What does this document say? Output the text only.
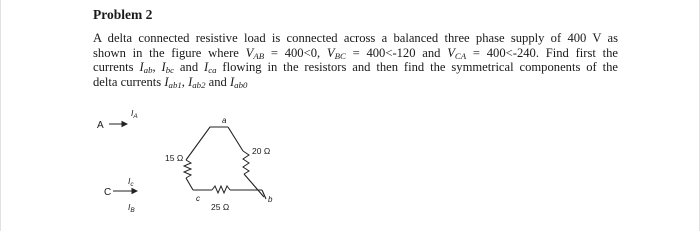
Problem 2
A delta connected resistive load is connected across a balanced three phase supply of 400 V as
shown in the figure where $V_{AB} = 400<0$, $V_{BC} = 400<-120$ and $V_{CA} = 400<-240$. Find first the
currents $I_{ab}$, $I_{bc}$ and $I_{ca}$ flowing in the resistors and then find the symmetrical components of the
delta currents $I_{ab1}$, $I_{ab2}$ and $I_{ab0}$
A
$I_A$
C
$I_c$
$I_B$
a
b
c
15 Ω
20 Ω
25 Ω
